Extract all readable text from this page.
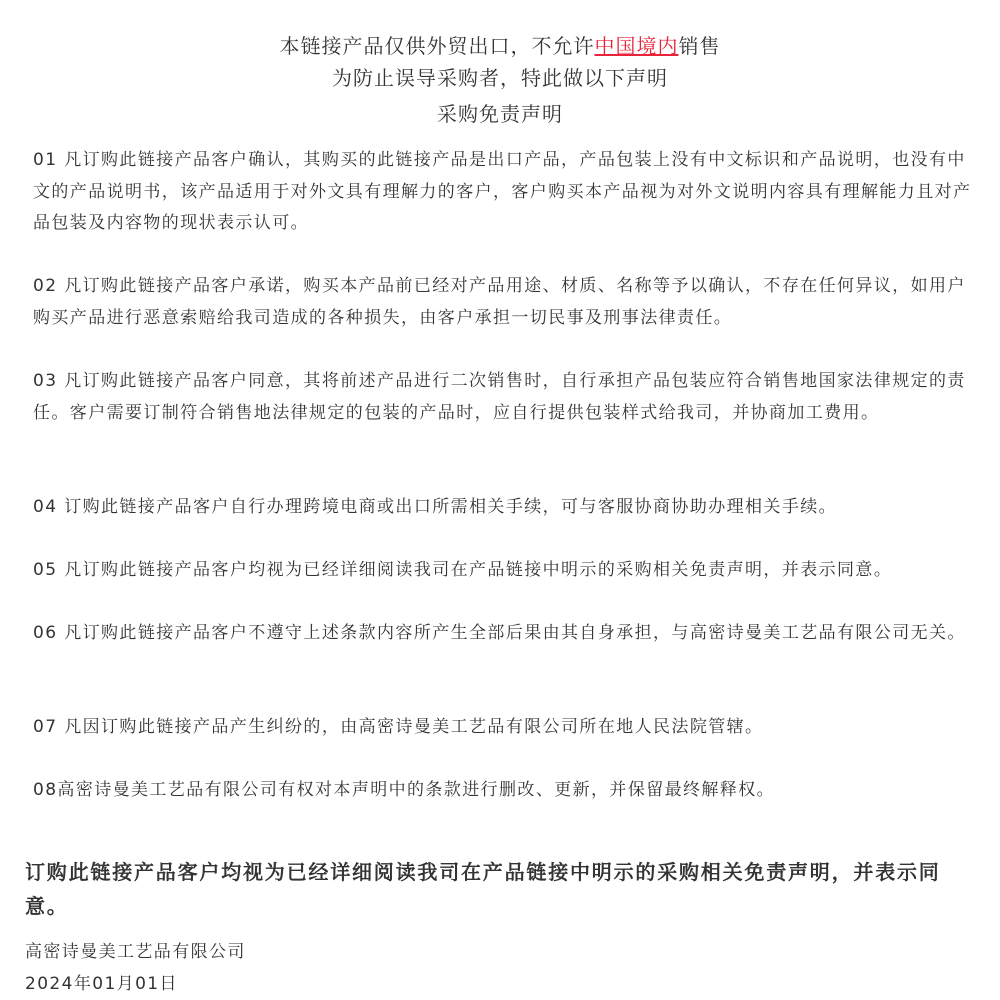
本链接产品仅供外贸出口，不允许中国境内销售
为防止误导采购者，特此做以下声明
采购免责声明

01 凡订购此链接产品客户确认，其购买的此链接产品是出口产品，产品包装上没有中文标识和产品说明，也没有中文的产品说明书，该产品适用于对外文具有理解力的客户，客户购买本产品视为对外文说明内容具有理解能力且对产品包装及内容物的现状表示认可。

02 凡订购此链接产品客户承诺，购买本产品前已经对产品用途、材质、名称等予以确认，不存在任何异议，如用户购买产品进行恶意索赔给我司造成的各种损失，由客户承担一切民事及刑事法律责任。

03 凡订购此链接产品客户同意，其将前述产品进行二次销售时，自行承担产品包装应符合销售地国家法律规定的责任。客户需要订制符合销售地法律规定的包装的产品时，应自行提供包装样式给我司，并协商加工费用。

04 订购此链接产品客户自行办理跨境电商或出口所需相关手续，可与客服协商协助办理相关手续。

05 凡订购此链接产品客户均视为已经详细阅读我司在产品链接中明示的采购相关免责声明，并表示同意。

06 凡订购此链接产品客户不遵守上述条款内容所产生全部后果由其自身承担，与高密诗曼美工艺品有限公司无关。

07 凡因订购此链接产品产生纠纷的，由高密诗曼美工艺品有限公司所在地人民法院管辖。

08高密诗曼美工艺品有限公司有权对本声明中的条款进行删改、更新，并保留最终解释权。

订购此链接产品客户均视为已经详细阅读我司在产品链接中明示的采购相关免责声明，并表示同意。
高密诗曼美工艺品有限公司
2024年01月01日
